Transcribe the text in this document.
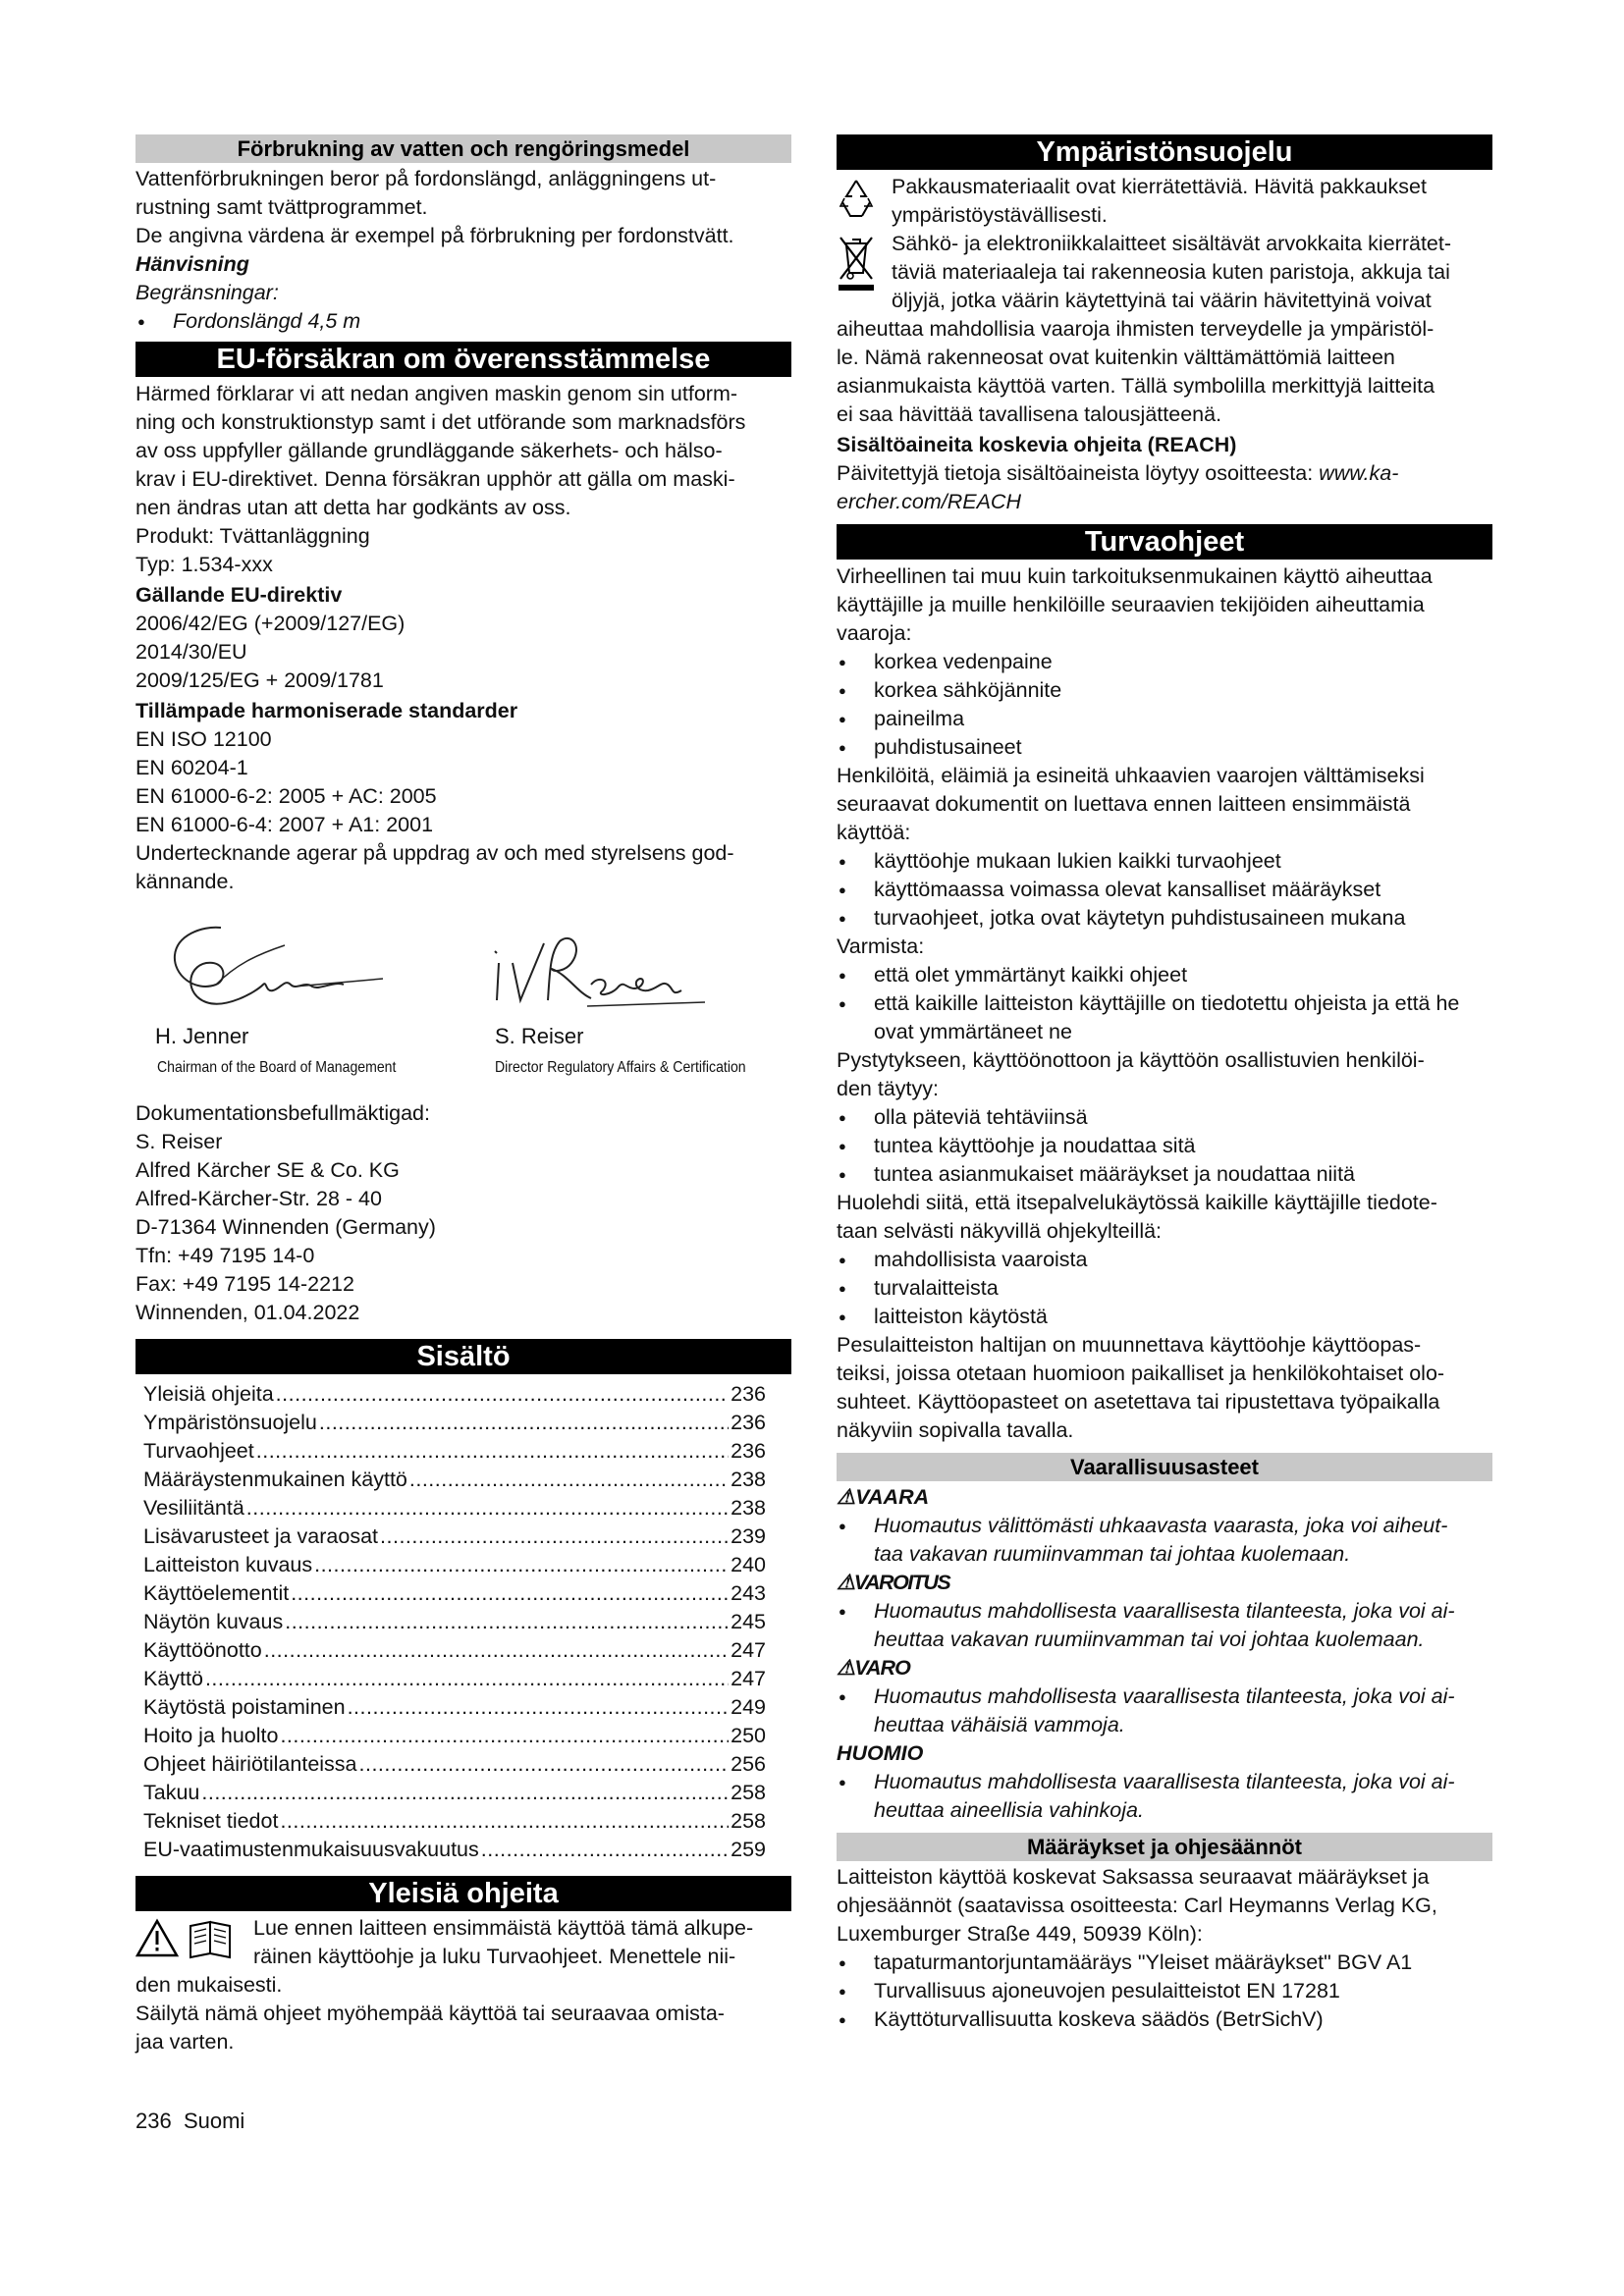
Förbrukning av vatten och rengöringsmedel

Vattenförbrukningen beror på fordonslängd, anläggningens ut-

rustning samt tvättprogrammet.

De angivna värdena är exempel på förbrukning per fordonstvätt.

Hänvisning

Begränsningar:

● Fordonslängd 4,5 m

EU-försäkran om överensstämmelse

Härmed förklarar vi att nedan angiven maskin genom sin utform-

ning och konstruktionstyp samt i det utförande som marknadsförs

av oss uppfyller gällande grundläggande säkerhets- och hälso-

krav i EU-direktivet. Denna försäkran upphör att gälla om maski-

nen ändras utan att detta har godkänts av oss.

Produkt: Tvättanläggning

Typ: 1.534-xxx

Gällande EU-direktiv

2006/42/EG (+2009/127/EG)

2014/30/EU

2009/125/EG + 2009/1781

Tillämpade harmoniserade standarder

EN ISO 12100

EN 60204-1

EN 61000-6-2: 2005 + AC: 2005

EN 61000-6-4: 2007 + A1: 2001

Undertecknande agerar på uppdrag av och med styrelsens god-

kännande.

H. Jenner
Chairman of the Board of Management
S. Reiser
Director Regulatory Affairs & Certification

Dokumentationsbefullmäktigad:

S. Reiser

Alfred Kärcher SE & Co. KG

Alfred-Kärcher-Str. 28 - 40

D-71364 Winnenden (Germany)

Tfn: +49 7195 14-0

Fax: +49 7195 14-2212

Winnenden, 01.04.2022

Sisältö
Yleisiä ohjeita .....	236
Ympäristönsuojelu .....	236
Turvaohjeet .....	236
Määräystenmukainen käyttö .....	238
Vesiliitäntä .....	238
Lisävarusteet ja varaosat .....	239
Laitteiston kuvaus .....	240
Käyttöelementit .....	243
Näytön kuvaus .....	245
Käyttöönotto .....	247
Käyttö .....	247
Käytöstä poistaminen .....	249
Hoito ja huolto .....	250
Ohjeet häiriötilanteissa .....	256
Takuu .....	258
Tekniset tiedot .....	258
EU-vaatimustenmukaisuusvakuutus .....	259
Yleisiä ohjeita

Lue ennen laitteen ensimmäistä käyttöä tämä alkupe-

räinen käyttöohje ja luku Turvaohjeet. Menettele nii-

den mukaisesti.

Säilytä nämä ohjeet myöhempää käyttöä tai seuraavaa omista-

jaa varten.

Ympäristönsuojelu

Pakkausmateriaalit ovat kierrätettäviä. Hävitä pakkaukset

ympäristöystävällisesti.

Sähkö- ja elektroniikkalaitteet sisältävät arvokkaita kierrätet-

täviä materiaaleja tai rakenneosia kuten paristoja, akkuja tai

öljyjä, jotka väärin käytettyinä tai väärin hävitettyinä voivat

aiheuttaa mahdollisia vaaroja ihmisten terveydelle ja ympäristöl-

le. Nämä rakenneosat ovat kuitenkin välttämättömiä laitteen

asianmukaista käyttöä varten. Tällä symbolilla merkittyjä laitteita

ei saa hävittää tavallisena talousjätteenä.

Sisältöaineita koskevia ohjeita (REACH)

Päivitettyjä tietoja sisältöaineista löytyy osoitteesta: www.ka-

ercher.com/REACH

Turvaohjeet

Virheellinen tai muu kuin tarkoituksenmukainen käyttö aiheuttaa

käyttäjille ja muille henkilöille seuraavien tekijöiden aiheuttamia

vaaroja:

● korkea vedenpaine

● korkea sähköjännite

● paineilma

● puhdistusaineet

Henkilöitä, eläimiä ja esineitä uhkaavien vaarojen välttämiseksi

seuraavat dokumentit on luettava ennen laitteen ensimmäistä

käyttöä:

● käyttöohje mukaan lukien kaikki turvaohjeet

● käyttömaassa voimassa olevat kansalliset määräykset

● turvaohjeet, jotka ovat käytetyn puhdistusaineen mukana

Varmista:

● että olet ymmärtänyt kaikki ohjeet

● että kaikille laitteiston käyttäjille on tiedotettu ohjeista ja että he

ovat ymmärtäneet ne

Pystytykseen, käyttöönottoon ja käyttöön osallistuvien henkilöi-

den täytyy:

● olla päteviä tehtäviinsä

● tuntea käyttöohje ja noudattaa sitä

● tuntea asianmukaiset määräykset ja noudattaa niitä

Huolehdi siitä, että itsepalvelukäytössä kaikille käyttäjille tiedote-

taan selvästi näkyvillä ohjekylteillä:

● mahdollisista vaaroista

● turvalaitteista

● laitteiston käytöstä

Pesulaitteiston haltijan on muunnettava käyttöohje käyttöopas-

teiksi, joissa otetaan huomioon paikalliset ja henkilökohtaiset olo-

suhteet. Käyttöopasteet on asetettava tai ripustettava työpaikalla

näkyviin sopivalla tavalla.

Vaarallisuusasteet

⚠VAARA

● Huomautus välittömästi uhkaavasta vaarasta, joka voi aiheut-

taa vakavan ruumiinvamman tai johtaa kuolemaan.

⚠VAROITUS

● Huomautus mahdollisesta vaarallisesta tilanteesta, joka voi ai-

heuttaa vakavan ruumiinvamman tai voi johtaa kuolemaan.

⚠VARO

● Huomautus mahdollisesta vaarallisesta tilanteesta, joka voi ai-

heuttaa vähäisiä vammoja.

HUOMIO

● Huomautus mahdollisesta vaarallisesta tilanteesta, joka voi ai-

heuttaa aineellisia vahinkoja.

Määräykset ja ohjesäännöt

Laitteiston käyttöä koskevat Saksassa seuraavat määräykset ja

ohjesäännöt (saatavissa osoitteesta: Carl Heymanns Verlag KG,

Luxemburger Straße 449, 50939 Köln):

● tapaturmantorjuntamääräys "Yleiset määräykset" BGV A1

● Turvallisuus ajoneuvojen pesulaitteistot EN 17281

● Käyttöturvallisuutta koskeva säädös (BetrSichV)

236 Suomi
